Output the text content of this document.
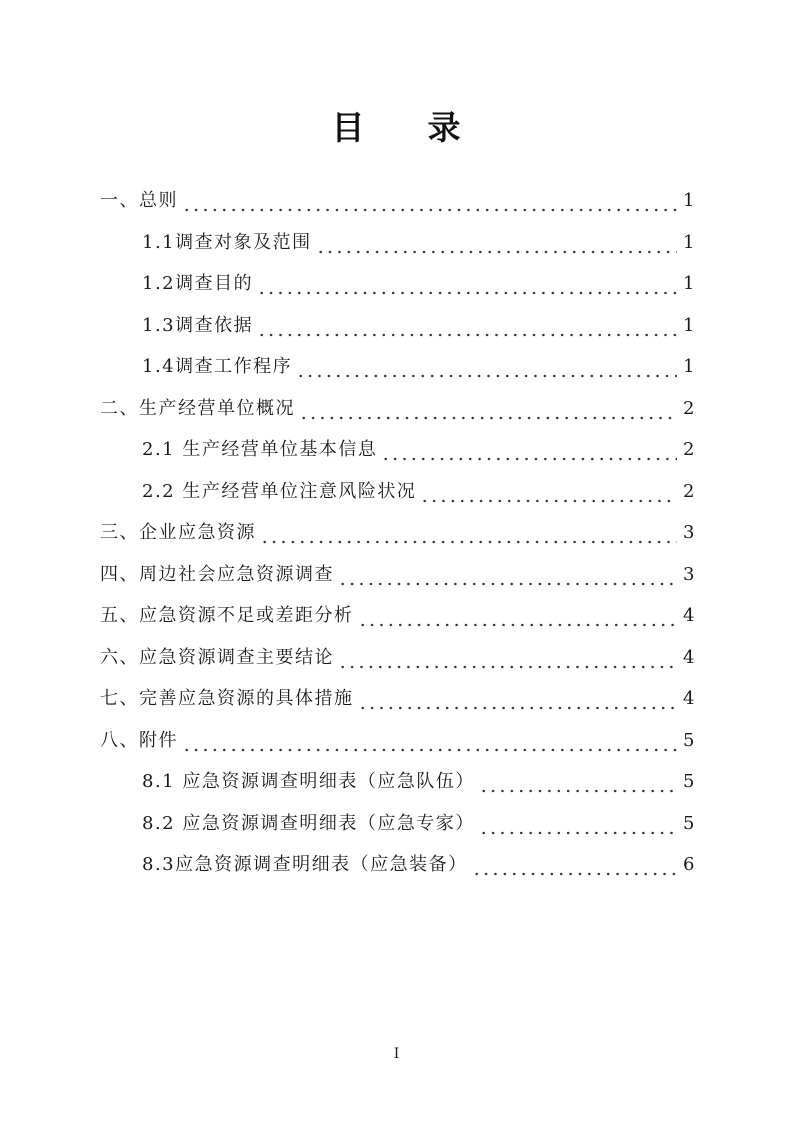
目 录
一、总则	1
1.1调查对象及范围	1
1.2调查目的	1
1.3调查依据	1
1.4调查工作程序	1
二、生产经营单位概况	2
2.1 生产经营单位基本信息	2
2.2 生产经营单位注意风险状况	2
三、企业应急资源	3
四、周边社会应急资源调查	3
五、应急资源不足或差距分析	4
六、应急资源调查主要结论	4
七、完善应急资源的具体措施	4
八、附件	5
8.1 应急资源调查明细表（应急队伍）	5
8.2 应急资源调查明细表（应急专家）	5
8.3应急资源调查明细表（应急装备）	6
I
